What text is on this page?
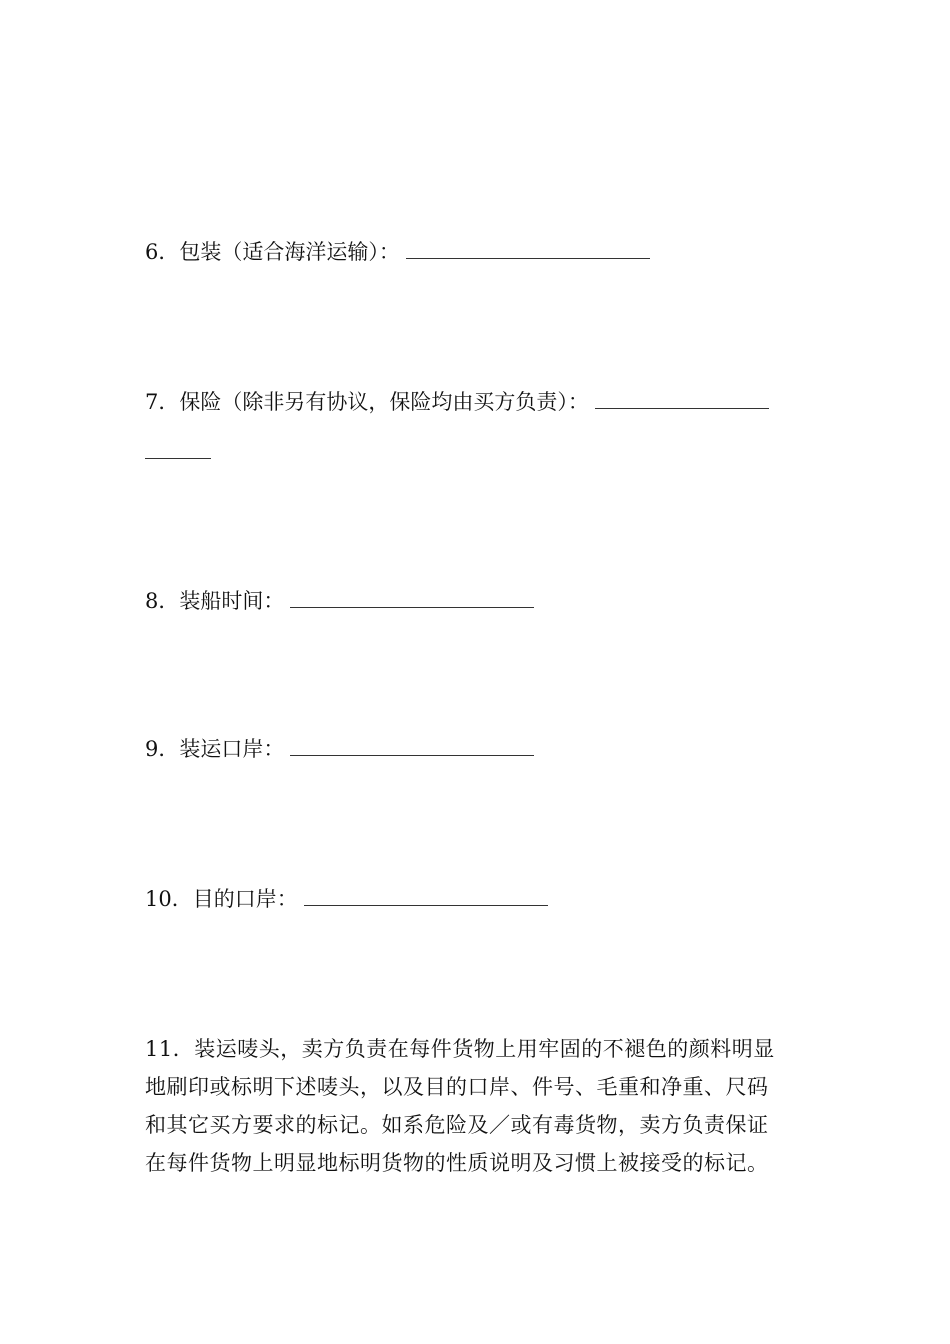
6．包装（适合海洋运输）：
7．保险（除非另有协议，保险均由买方负责）：
8．装船时间：
9．装运口岸：
10．目的口岸：
11．装运唛头，卖方负责在每件货物上用牢固的不褪色的颜料明显
地刷印或标明下述唛头，以及目的口岸、件号、毛重和净重、尺码
和其它买方要求的标记。如系危险及／或有毒货物，卖方负责保证
在每件货物上明显地标明货物的性质说明及习惯上被接受的标记。
